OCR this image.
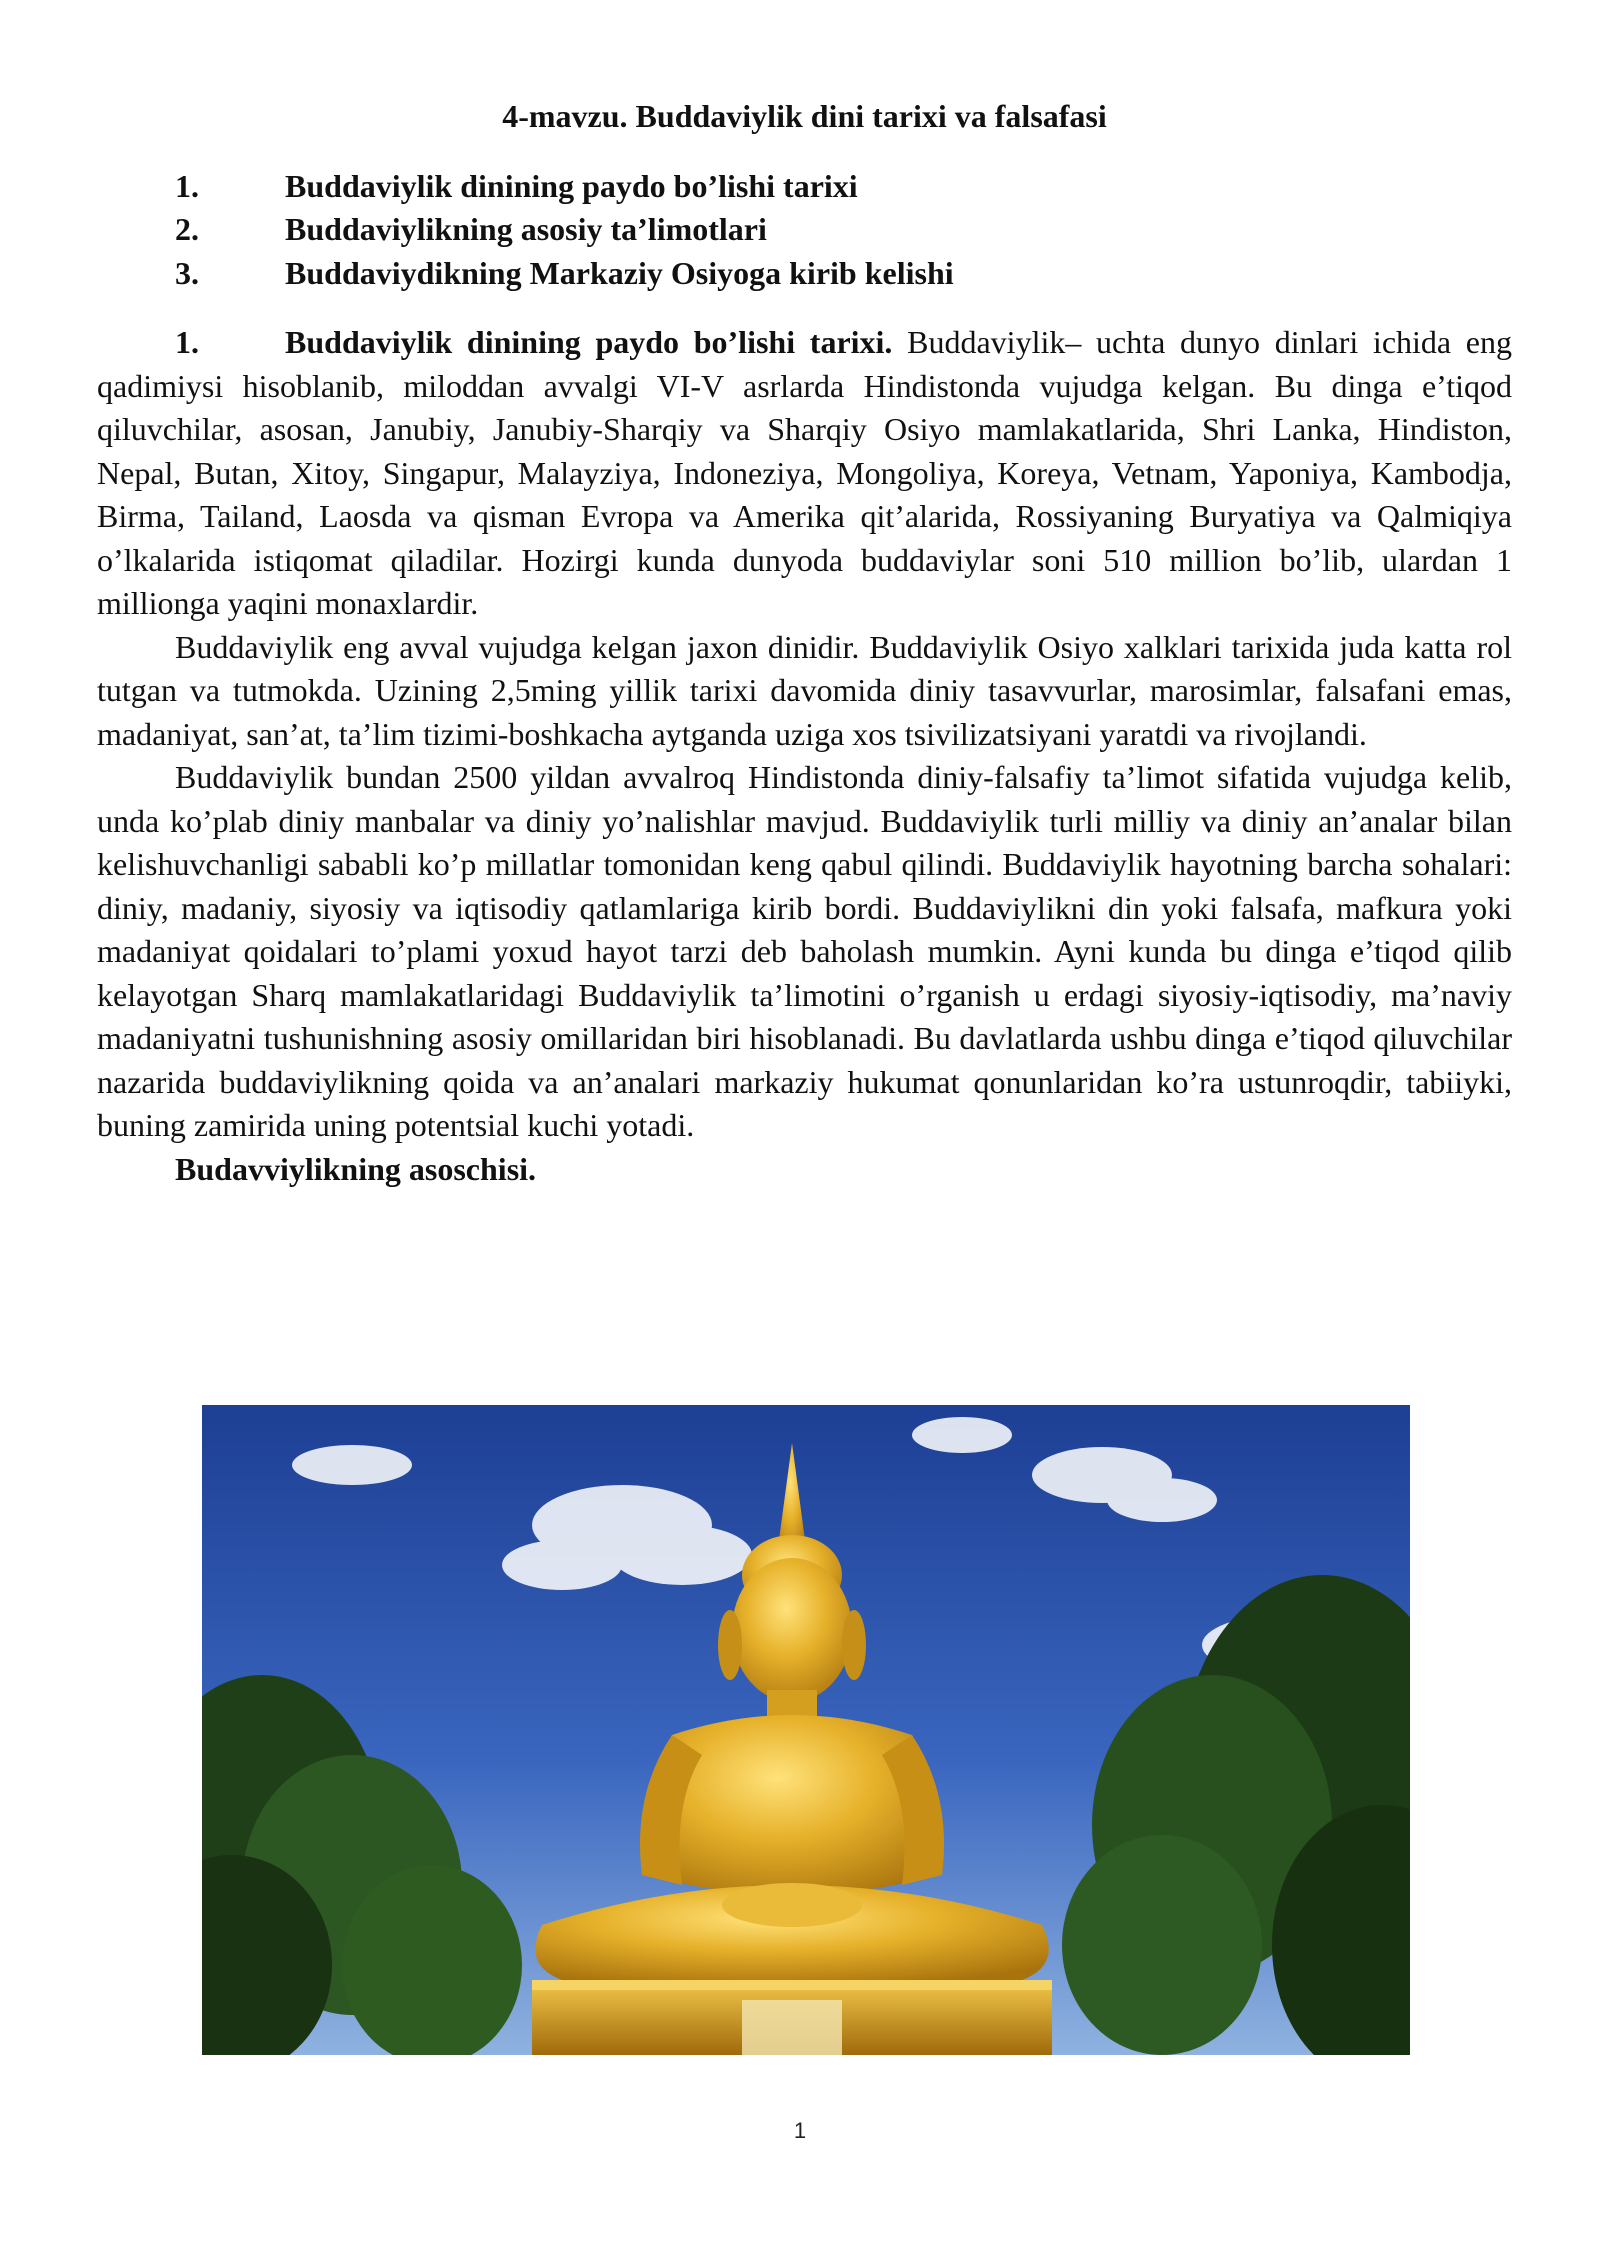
4-mavzu. Buddaviylik dini tarixi va falsafasi
1.	Buddaviylik dinining paydo bo’lishi tarixi
2.	Buddaviylikning asosiy ta’limotlari
3.	Buddaviydikning Markaziy Osiyoga kirib kelishi

1.	Buddaviylik dinining paydo bo’lishi tarixi. Buddaviylik– uchta dunyo dinlari ichida eng qadimiysi hisoblanib, miloddan avvalgi VI-V asrlarda Hindistonda vujudga kelgan. Bu dinga e’tiqod qiluvchilar, asosan, Janubiy, Janubiy-Sharqiy va Sharqiy Osiyo mamlakatlarida, Shri Lanka, Hindiston, Nepal, Butan, Xitoy, Singapur, Malayziya, Indoneziya, Mongoliya, Koreya, Vetnam, Yaponiya, Kambodja, Birma, Tailand, Laosda va qisman Evropa va Amerika qit’alarida, Rossiyaning Buryatiya va Qalmiqiya o’lkalarida istiqomat qiladilar. Hozirgi kunda dunyoda buddaviylar soni 510 million bo’lib, ulardan 1 millionga yaqini monaxlardir.

Buddaviylik eng avval vujudga kelgan jaxon dinidir. Buddaviylik Osiyo xalklari tarixida juda katta rol tutgan va tutmokda. Uzining 2,5ming yillik tarixi davomida diniy tasavvurlar, marosimlar, falsafani emas, madaniyat, san’at, ta’lim tizimi-boshkacha aytganda uziga xos tsivilizatsiyani yaratdi va rivojlandi.

Buddaviylik bundan 2500 yildan avvalroq Hindistonda diniy-falsafiy ta’limot sifatida vujudga kelib, unda ko’plab diniy manbalar va diniy yo’nalishlar mavjud. Buddaviylik turli milliy va diniy an’analar bilan kelishuvchanligi sababli ko’p millatlar tomonidan keng qabul qilindi. Buddaviylik hayotning barcha sohalari: diniy, madaniy, siyosiy va iqtisodiy qatlamlariga kirib bordi. Buddaviylikni din yoki falsafa, mafkura yoki madaniyat qoidalari to’plami yoxud hayot tarzi deb baholash mumkin. Ayni kunda bu dinga e’tiqod qilib kelayotgan Sharq mamlakatlaridagi Buddaviylik ta’limotini o’rganish u erdagi siyosiy-iqtisodiy, ma’naviy madaniyatni tushunishning asosiy omillaridan biri hisoblanadi. Bu davlatlarda ushbu dinga e’tiqod qiluvchilar nazarida buddaviylikning qoida va an’analari markaziy hukumat qonunlaridan ko’ra ustunroqdir, tabiiyki, buning zamirida uning potentsial kuchi yotadi.

Budavviylikning asoschisi.
1
